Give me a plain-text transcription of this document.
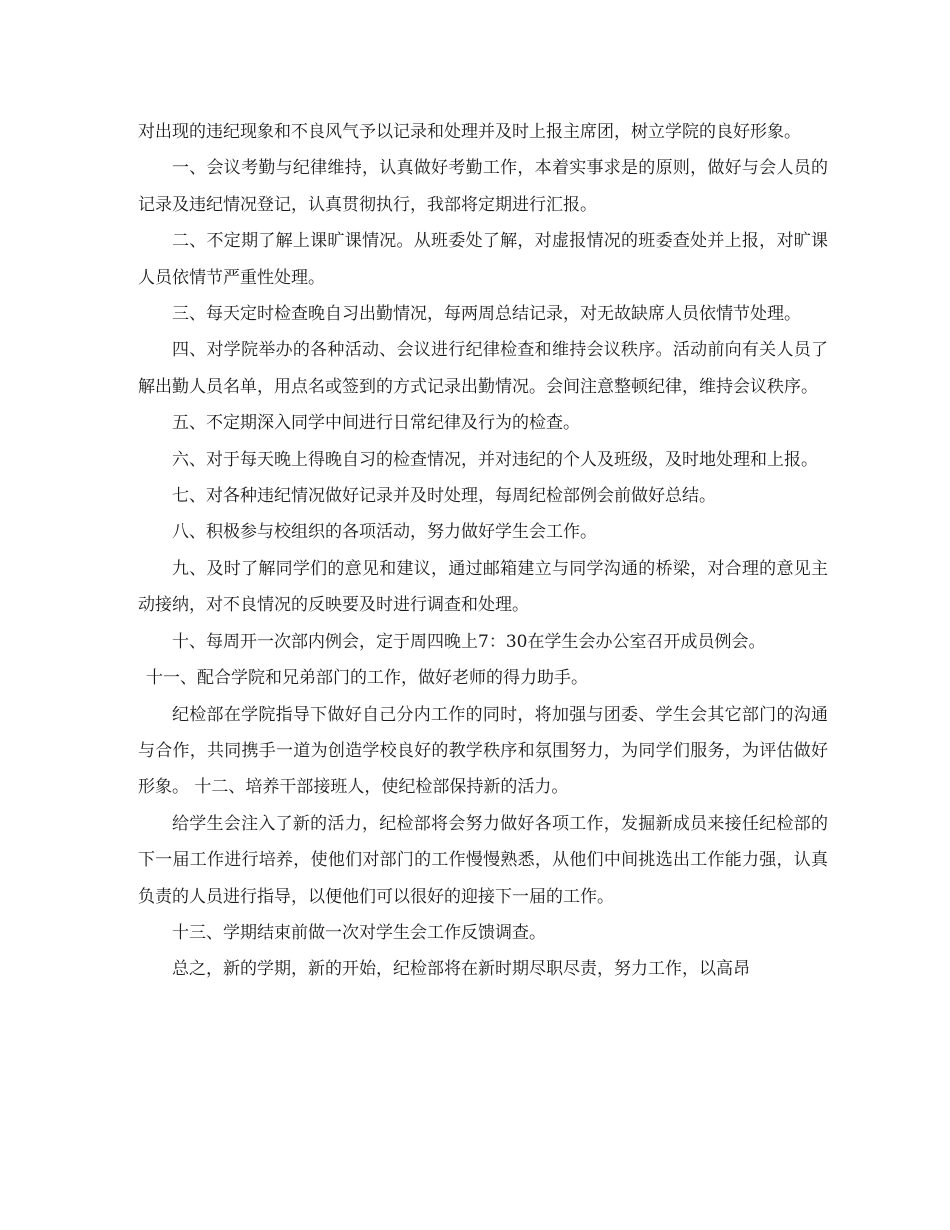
对出现的违纪现象和不良风气予以记录和处理并及时上报主席团，树立学院的良好形象。

一、会议考勤与纪律维持，认真做好考勤工作，本着实事求是的原则，做好与会人员的记录及违纪情况登记，认真贯彻执行，我部将定期进行汇报。

二、不定期了解上课旷课情况。从班委处了解，对虚报情况的班委查处并上报，对旷课人员依情节严重性处理。

三、每天定时检查晚自习出勤情况，每两周总结记录，对无故缺席人员依情节处理。

四、对学院举办的各种活动、会议进行纪律检查和维持会议秩序。活动前向有关人员了解出勤人员名单，用点名或签到的方式记录出勤情况。会间注意整顿纪律，维持会议秩序。

五、不定期深入同学中间进行日常纪律及行为的检查。

六、对于每天晚上得晚自习的检查情况，并对违纪的个人及班级，及时地处理和上报。

七、对各种违纪情况做好记录并及时处理，每周纪检部例会前做好总结。

八、积极参与校组织的各项活动，努力做好学生会工作。

九、及时了解同学们的意见和建议，通过邮箱建立与同学沟通的桥梁，对合理的意见主动接纳，对不良情况的反映要及时进行调查和处理。

十、每周开一次部内例会，定于周四晚上7：30在学生会办公室召开成员例会。

十一、配合学院和兄弟部门的工作，做好老师的得力助手。

纪检部在学院指导下做好自己分内工作的同时，将加强与团委、学生会其它部门的沟通与合作，共同携手一道为创造学校良好的教学秩序和氛围努力，为同学们服务，为评估做好形象。 十二、培养干部接班人，使纪检部保持新的活力。

给学生会注入了新的活力，纪检部将会努力做好各项工作，发掘新成员来接任纪检部的下一届工作进行培养，使他们对部门的工作慢慢熟悉，从他们中间挑选出工作能力强，认真负责的人员进行指导，以便他们可以很好的迎接下一届的工作。

十三、学期结束前做一次对学生会工作反馈调查。

总之，新的学期，新的开始，纪检部将在新时期尽职尽责，努力工作，以高昂
